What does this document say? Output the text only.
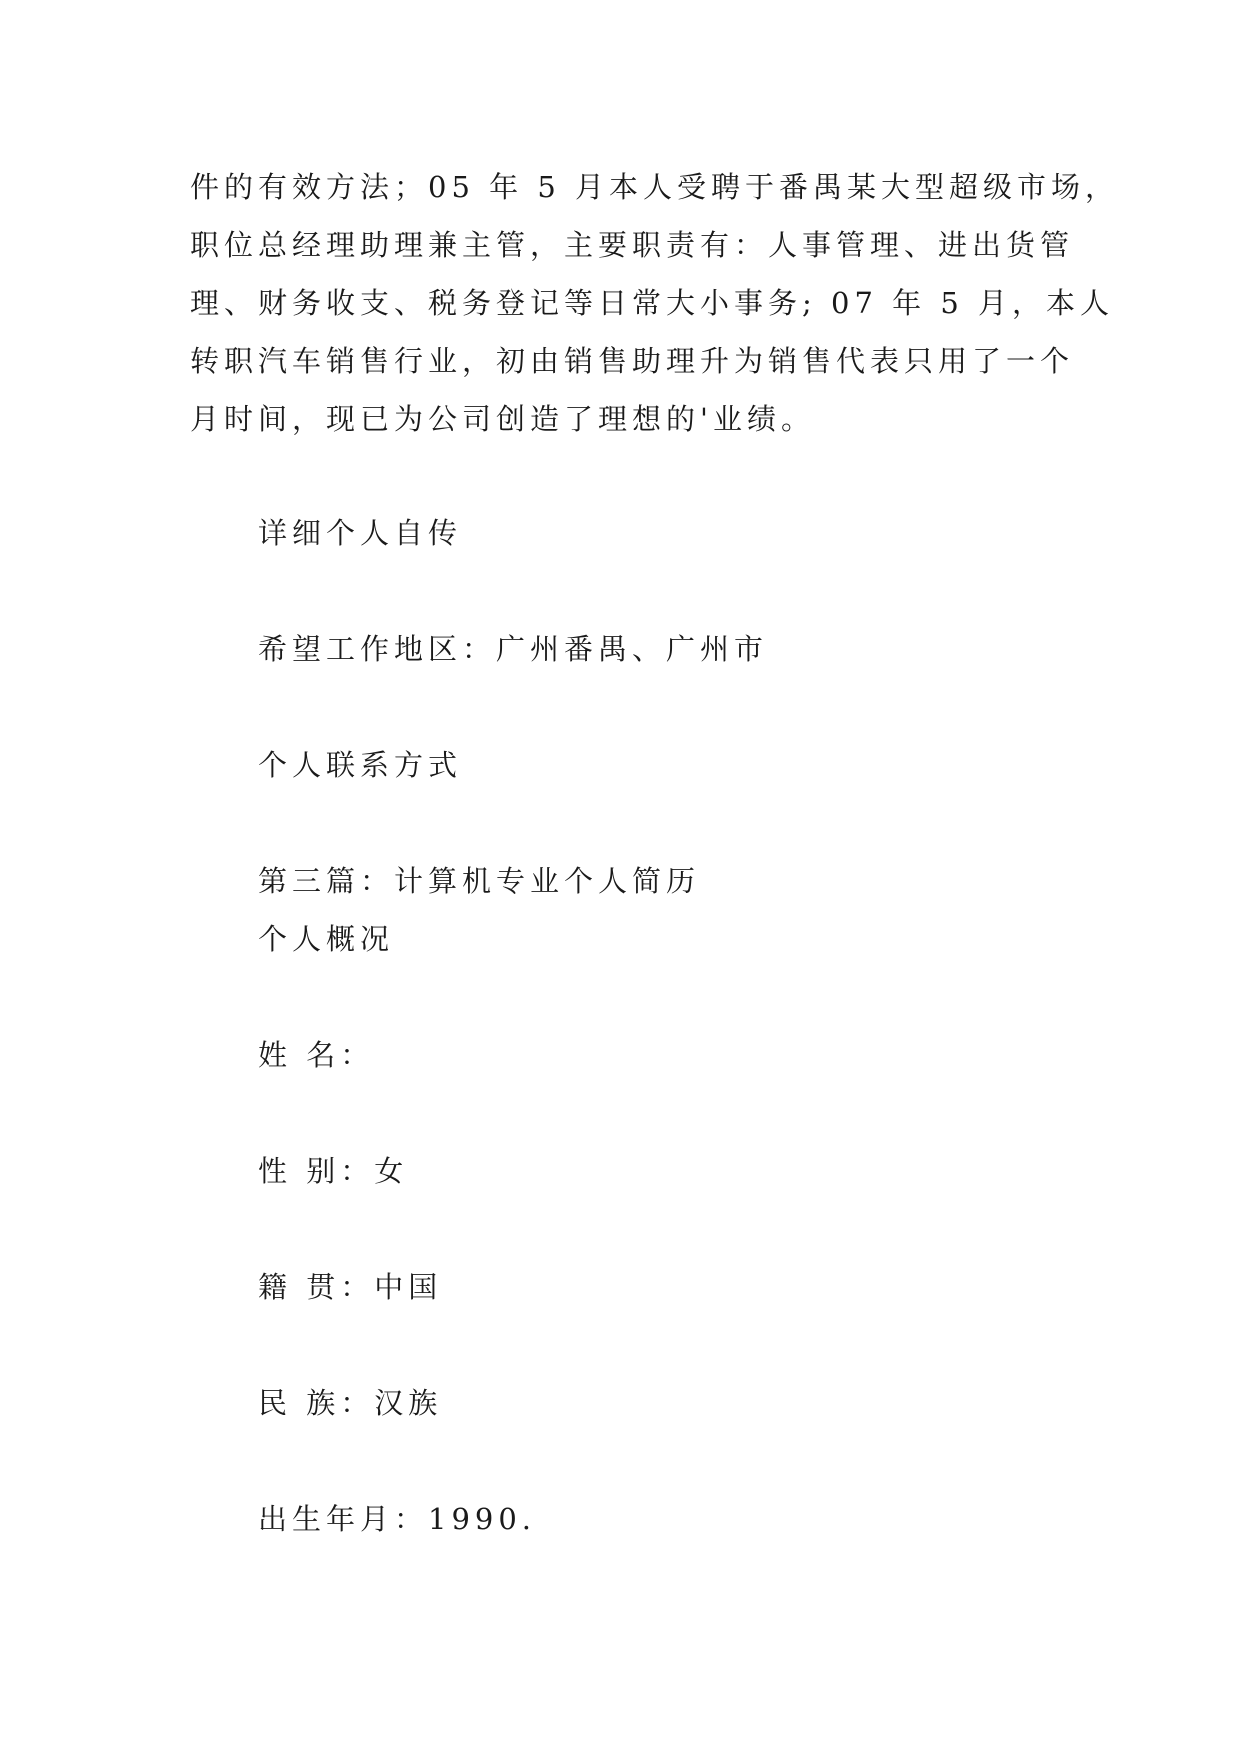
件的有效方法；05 年 5 月本人受聘于番禺某大型超级市场，
职位总经理助理兼主管，主要职责有：人事管理、进出货管
理、财务收支、税务登记等日常大小事务; 07 年 5 月，本人
转职汽车销售行业，初由销售助理升为销售代表只用了一个
月时间，现已为公司创造了理想的'业绩。

详细个人自传

希望工作地区：广州番禺、广州市

个人联系方式

第三篇：计算机专业个人简历

个人概况

姓 名：

性 别：女

籍 贯：中国

民 族：汉族

出生年月：1990.
